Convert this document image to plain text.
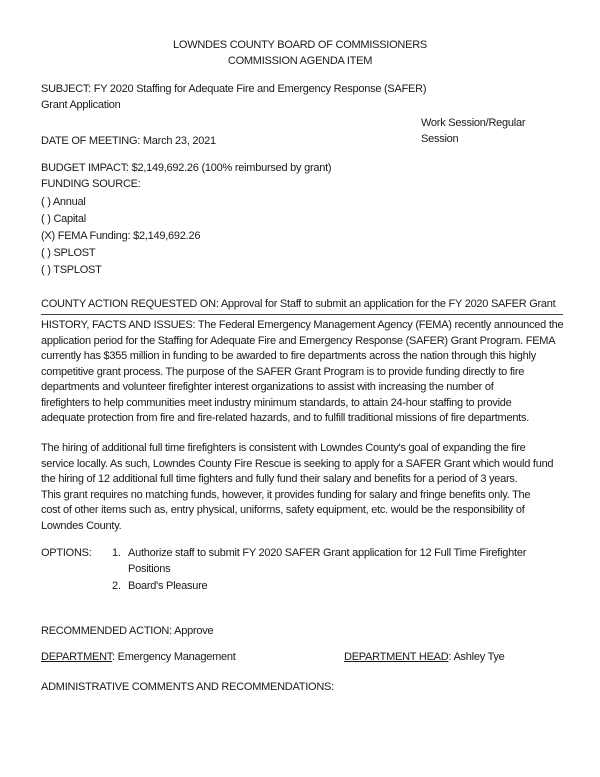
LOWNDES COUNTY BOARD OF COMMISSIONERS
COMMISSION AGENDA ITEM
SUBJECT: FY 2020 Staffing for Adequate Fire and Emergency Response (SAFER)
Grant Application
Work Session/Regular
Session
DATE OF MEETING: March 23, 2021
BUDGET IMPACT: $2,149,692.26 (100% reimbursed by grant)
FUNDING SOURCE:
( ) Annual
( ) Capital
(X) FEMA Funding: $2,149,692.26
( ) SPLOST
( ) TSPLOST
COUNTY ACTION REQUESTED ON: Approval for Staff to submit an application for the FY 2020 SAFER Grant
HISTORY, FACTS AND ISSUES: The Federal Emergency Management Agency (FEMA) recently announced the
application period for the Staffing for Adequate Fire and Emergency Response (SAFER) Grant Program. FEMA
currently has $355 million in funding to be awarded to fire departments across the nation through this highly
competitive grant process. The purpose of the SAFER Grant Program is to provide funding directly to fire
departments and volunteer firefighter interest organizations to assist with increasing the number of
firefighters to help communities meet industry minimum standards, to attain 24-hour staffing to provide
adequate protection from fire and fire-related hazards, and to fulfill traditional missions of fire departments.
The hiring of additional full time firefighters is consistent with Lowndes County's goal of expanding the fire
service locally. As such, Lowndes County Fire Rescue is seeking to apply for a SAFER Grant which would fund
the hiring of 12 additional full time fighters and fully fund their salary and benefits for a period of 3 years.
This grant requires no matching funds, however, it provides funding for salary and fringe benefits only. The
cost of other items such as, entry physical, uniforms, safety equipment, etc. would be the responsibility of
Lowndes County.
OPTIONS: 1. Authorize staff to submit FY 2020 SAFER Grant application for 12 Full Time Firefighter
Positions
2. Board's Pleasure
RECOMMENDED ACTION: Approve
DEPARTMENT: Emergency Management	DEPARTMENT HEAD: Ashley Tye
ADMINISTRATIVE COMMENTS AND RECOMMENDATIONS:
